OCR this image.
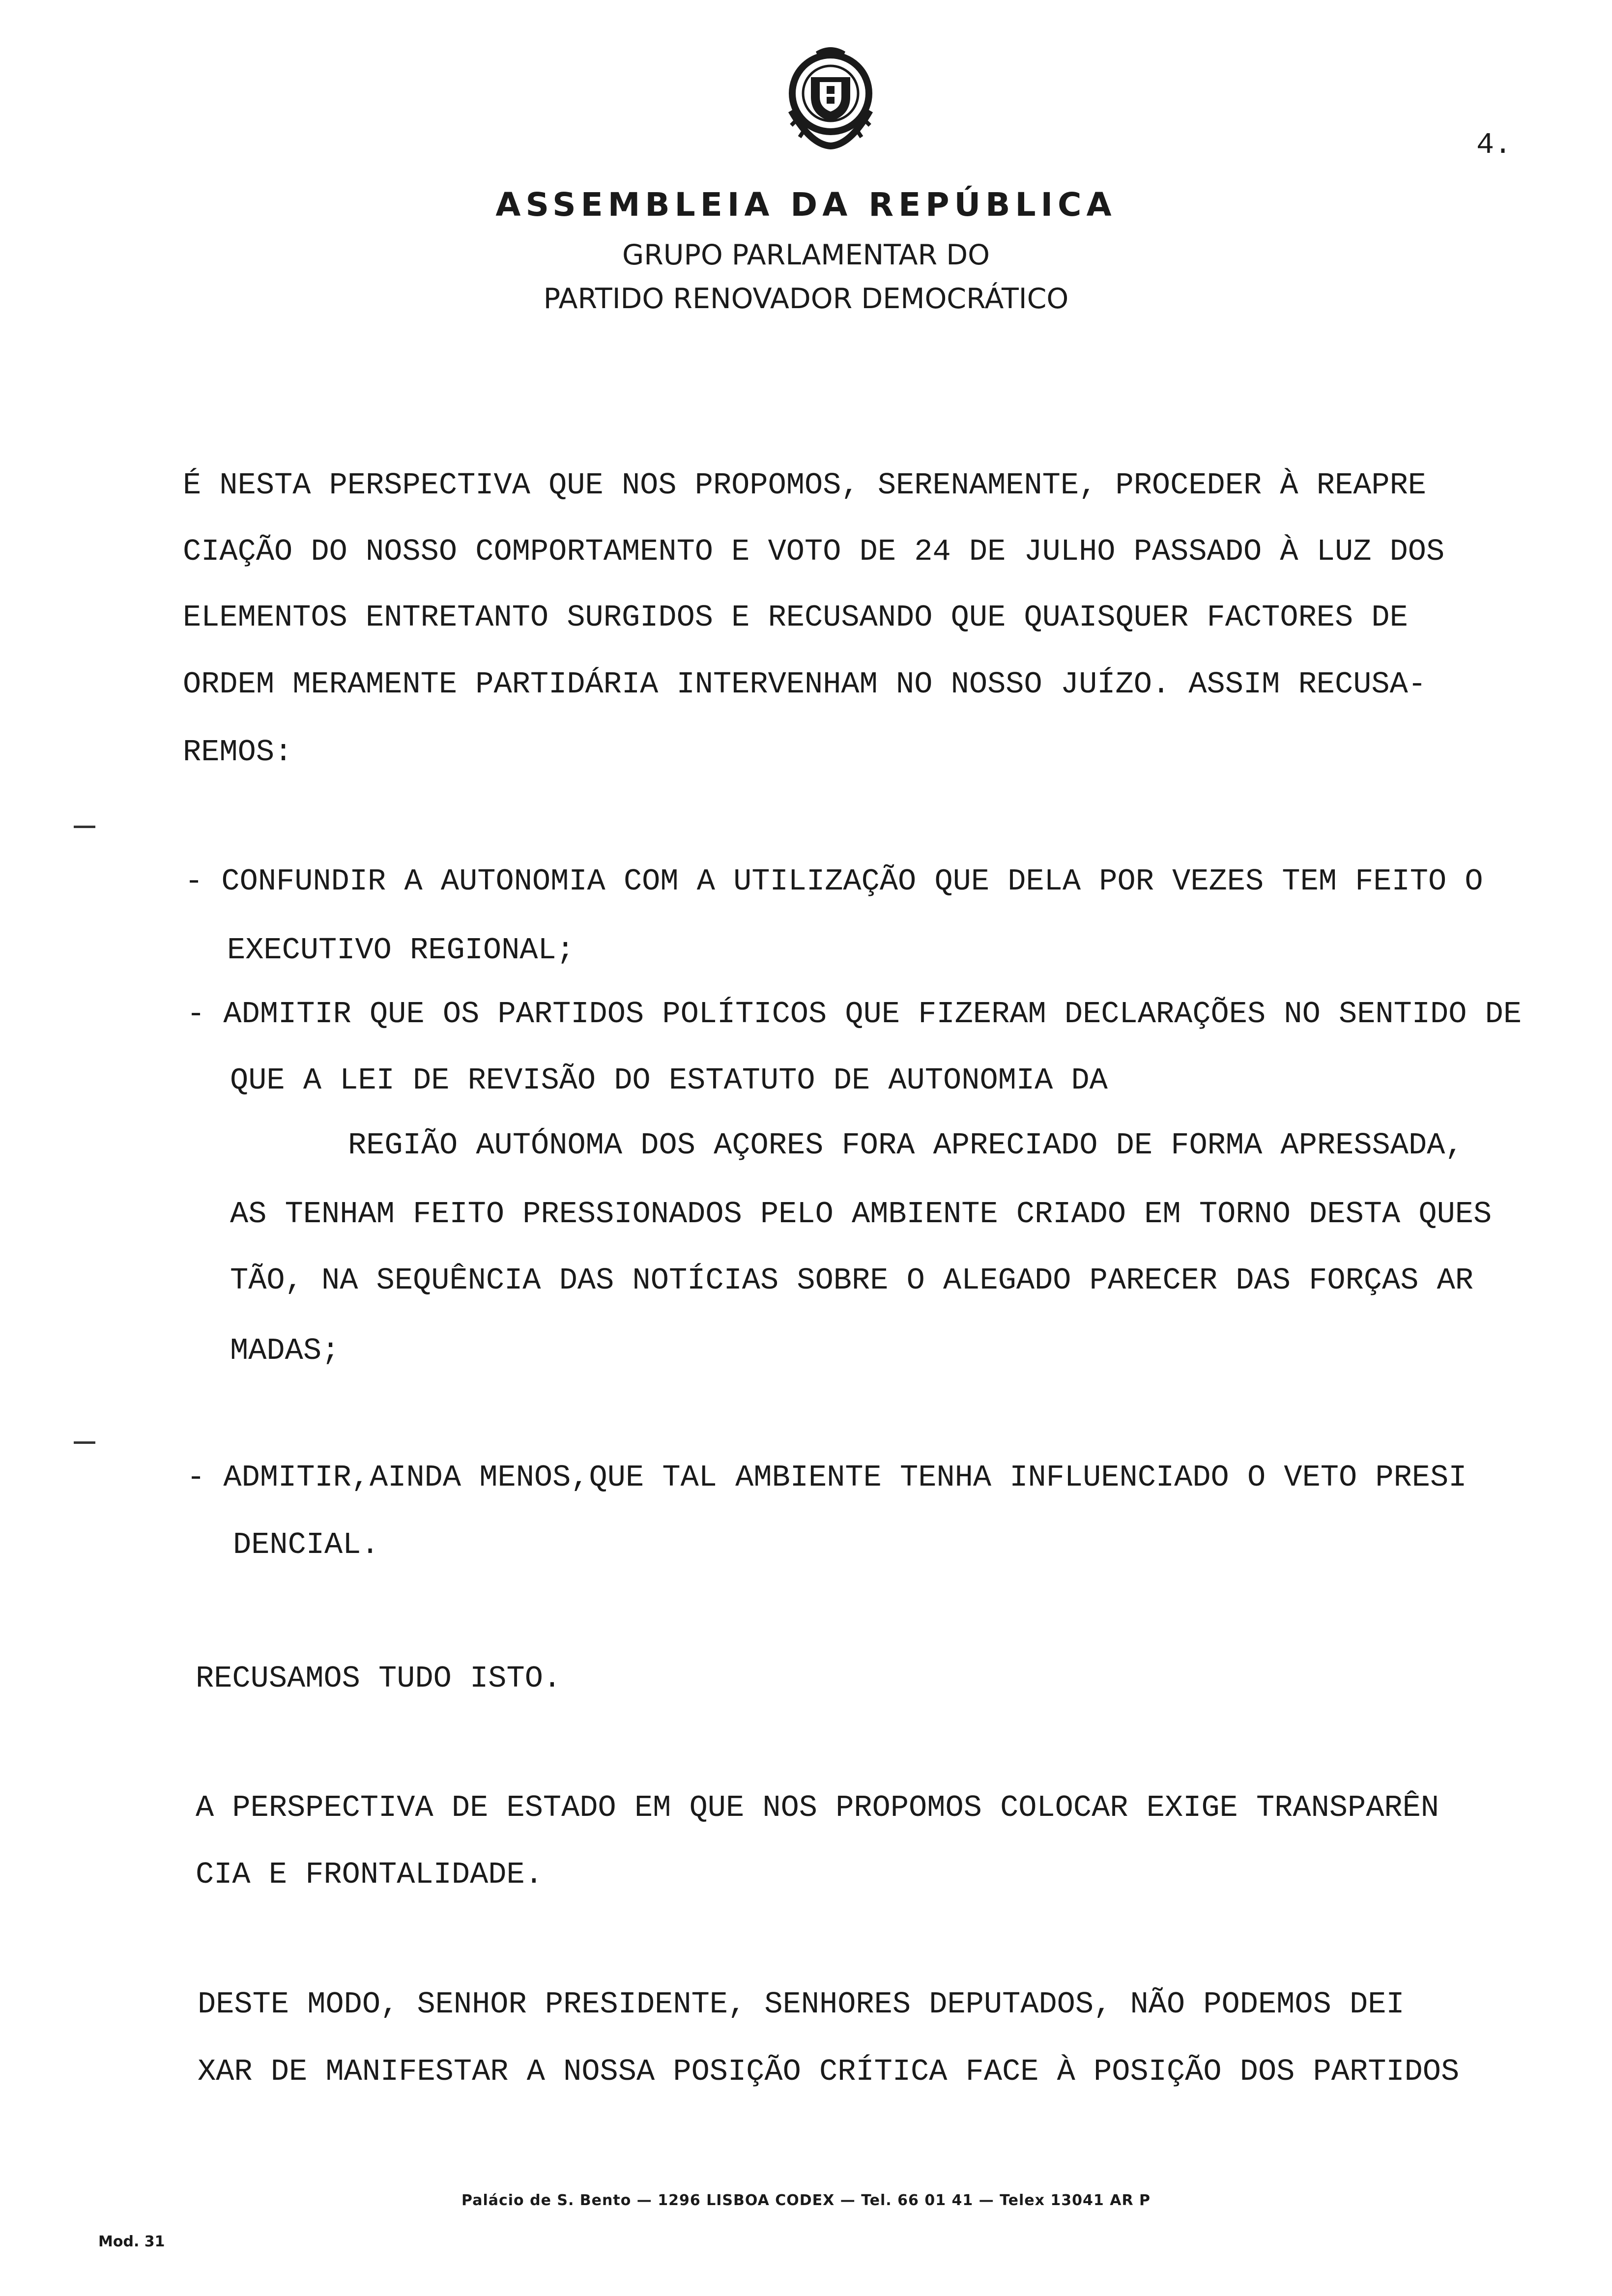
ASSEMBLEIA DA REPÚBLICA
GRUPO PARLAMENTAR DO
PARTIDO RENOVADOR DEMOCRÁTICO
4.
É NESTA PERSPECTIVA QUE NOS PROPOMOS, SERENAMENTE, PROCEDER À REAPRE
CIAÇÃO DO NOSSO COMPORTAMENTO E VOTO DE 24 DE JULHO PASSADO À LUZ DOS
ELEMENTOS ENTRETANTO SURGIDOS E RECUSANDO QUE QUAISQUER FACTORES DE
ORDEM MERAMENTE PARTIDÁRIA INTERVENHAM NO NOSSO JUÍZO. ASSIM RECUSA-
REMOS:
- CONFUNDIR A AUTONOMIA COM A UTILIZAÇÃO QUE DELA POR VEZES TEM FEITO O
EXECUTIVO REGIONAL;
- ADMITIR QUE OS PARTIDOS POLÍTICOS QUE FIZERAM DECLARAÇÕES NO SENTIDO DE
QUE A LEI DE REVISÃO DO ESTATUTO DE AUTONOMIA DA
REGIÃO AUTÓNOMA DOS AÇORES FORA APRECIADO DE FORMA APRESSADA,
AS TENHAM FEITO PRESSIONADOS PELO AMBIENTE CRIADO EM TORNO DESTA QUES
TÃO, NA SEQUÊNCIA DAS NOTÍCIAS SOBRE O ALEGADO PARECER DAS FORÇAS AR
MADAS;
- ADMITIR,AINDA MENOS,QUE TAL AMBIENTE TENHA INFLUENCIADO O VETO PRESI
DENCIAL.
RECUSAMOS TUDO ISTO.
A PERSPECTIVA DE ESTADO EM QUE NOS PROPOMOS COLOCAR EXIGE TRANSPARÊN
CIA E FRONTALIDADE.
DESTE MODO, SENHOR PRESIDENTE, SENHORES DEPUTADOS, NÃO PODEMOS DEI
XAR DE MANIFESTAR A NOSSA POSIÇÃO CRÍTICA FACE À POSIÇÃO DOS PARTIDOS
Palácio de S. Bento — 1296 LISBOA CODEX — Tel. 66 01 41 — Telex 13041 AR P
Mod. 31
